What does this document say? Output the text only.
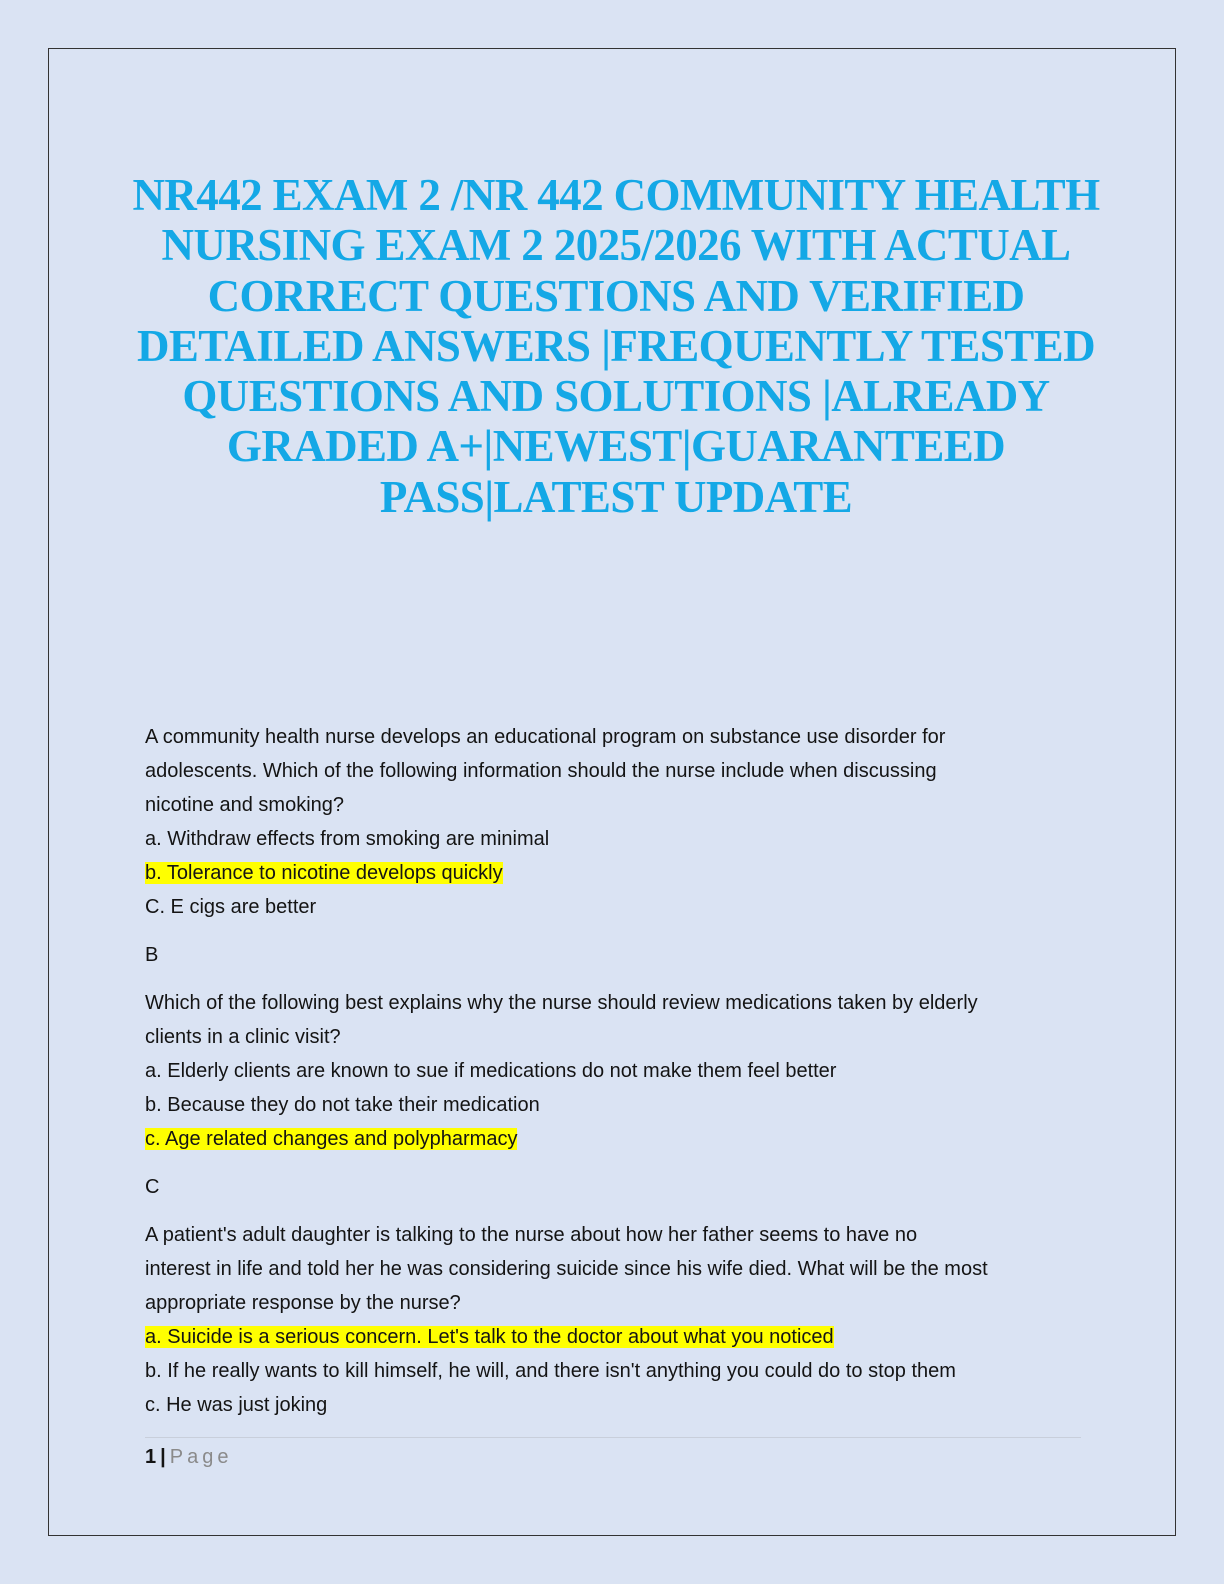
NR442 EXAM 2 /NR 442 COMMUNITY HEALTH
NURSING EXAM 2 2025/2026 WITH ACTUAL
CORRECT QUESTIONS AND VERIFIED
DETAILED ANSWERS |FREQUENTLY TESTED
QUESTIONS AND SOLUTIONS |ALREADY
GRADED A+|NEWEST|GUARANTEED
PASS|LATEST UPDATE
A community health nurse develops an educational program on substance use disorder for
adolescents. Which of the following information should the nurse include when discussing
nicotine and smoking?
a. Withdraw effects from smoking are minimal
b. Tolerance to nicotine develops quickly
C. E cigs are better
B
Which of the following best explains why the nurse should review medications taken by elderly
clients in a clinic visit?
a. Elderly clients are known to sue if medications do not make them feel better
b. Because they do not take their medication
c. Age related changes and polypharmacy
C
A patient's adult daughter is talking to the nurse about how her father seems to have no
interest in life and told her he was considering suicide since his wife died. What will be the most
appropriate response by the nurse?
a. Suicide is a serious concern. Let's talk to the doctor about what you noticed
b. If he really wants to kill himself, he will, and there isn't anything you could do to stop them
c. He was just joking
1 | Page
